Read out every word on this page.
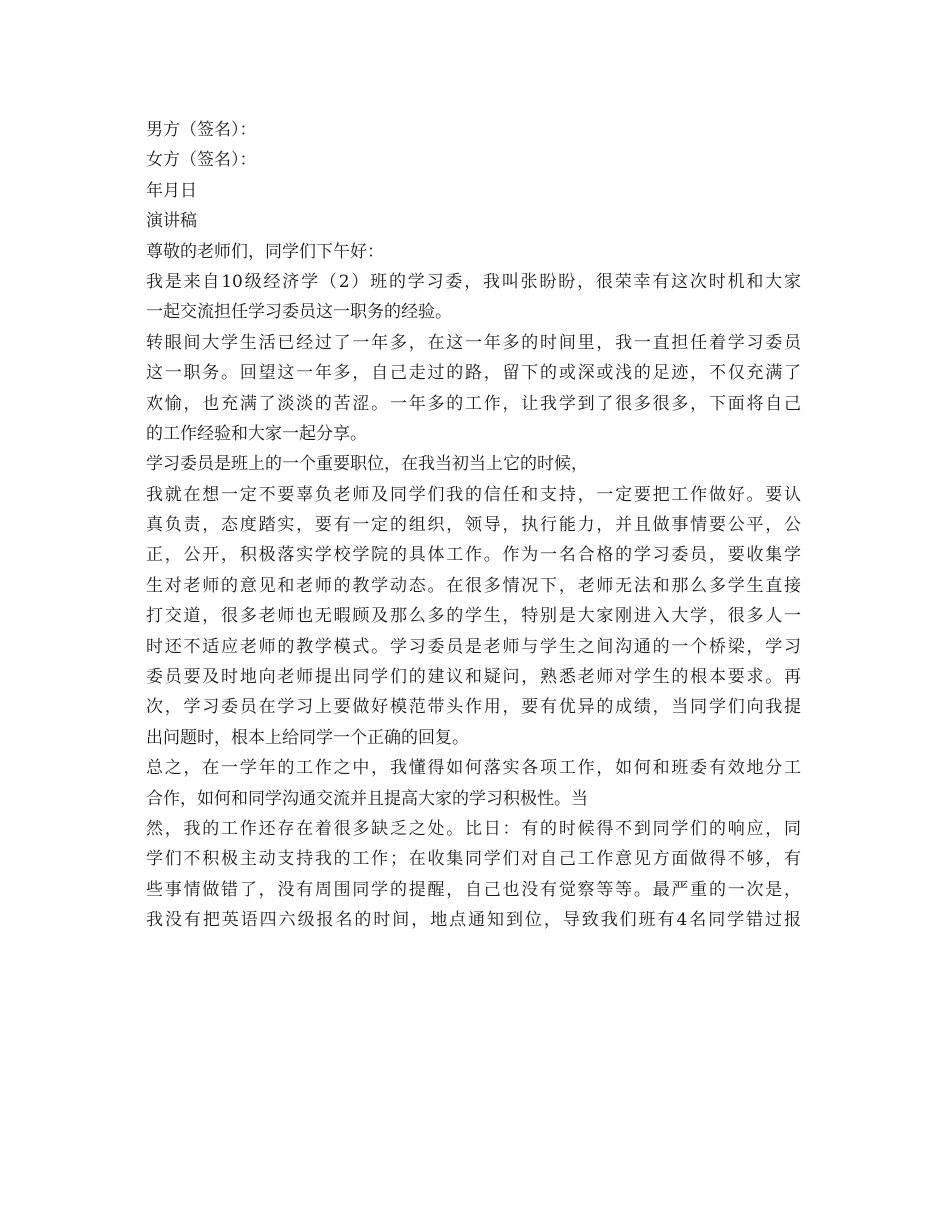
男方（签名）：
女方（签名）：
年月日
演讲稿
尊敬的老师们，同学们下午好：
我是来自10级经济学（2）班的学习委，我叫张盼盼，很荣幸有这次时机和大家
一起交流担任学习委员这一职务的经验。
转眼间大学生活已经过了一年多，在这一年多的时间里，我一直担任着学习委员
这一职务。回望这一年多，自己走过的路，留下的或深或浅的足迹，不仅充满了
欢愉，也充满了淡淡的苦涩。一年多的工作，让我学到了很多很多，下面将自己
的工作经验和大家一起分享。
学习委员是班上的一个重要职位，在我当初当上它的时候，
我就在想一定不要辜负老师及同学们我的信任和支持，一定要把工作做好。要认
真负责，态度踏实，要有一定的组织，领导，执行能力，并且做事情要公平，公
正，公开，积极落实学校学院的具体工作。作为一名合格的学习委员，要收集学
生对老师的意见和老师的教学动态。在很多情况下，老师无法和那么多学生直接
打交道，很多老师也无暇顾及那么多的学生，特别是大家刚进入大学，很多人一
时还不适应老师的教学模式。学习委员是老师与学生之间沟通的一个桥梁，学习
委员要及时地向老师提出同学们的建议和疑问，熟悉老师对学生的根本要求。再
次，学习委员在学习上要做好模范带头作用，要有优异的成绩，当同学们向我提
出问题时，根本上给同学一个正确的回复。
总之，在一学年的工作之中，我懂得如何落实各项工作，如何和班委有效地分工
合作，如何和同学沟通交流并且提高大家的学习积极性。当
然，我的工作还存在着很多缺乏之处。比日：有的时候得不到同学们的响应，同
学们不积极主动支持我的工作；在收集同学们对自己工作意见方面做得不够，有
些事情做错了，没有周围同学的提醒，自己也没有觉察等等。最严重的一次是，
我没有把英语四六级报名的时间，地点通知到位，导致我们班有4名同学错过报
